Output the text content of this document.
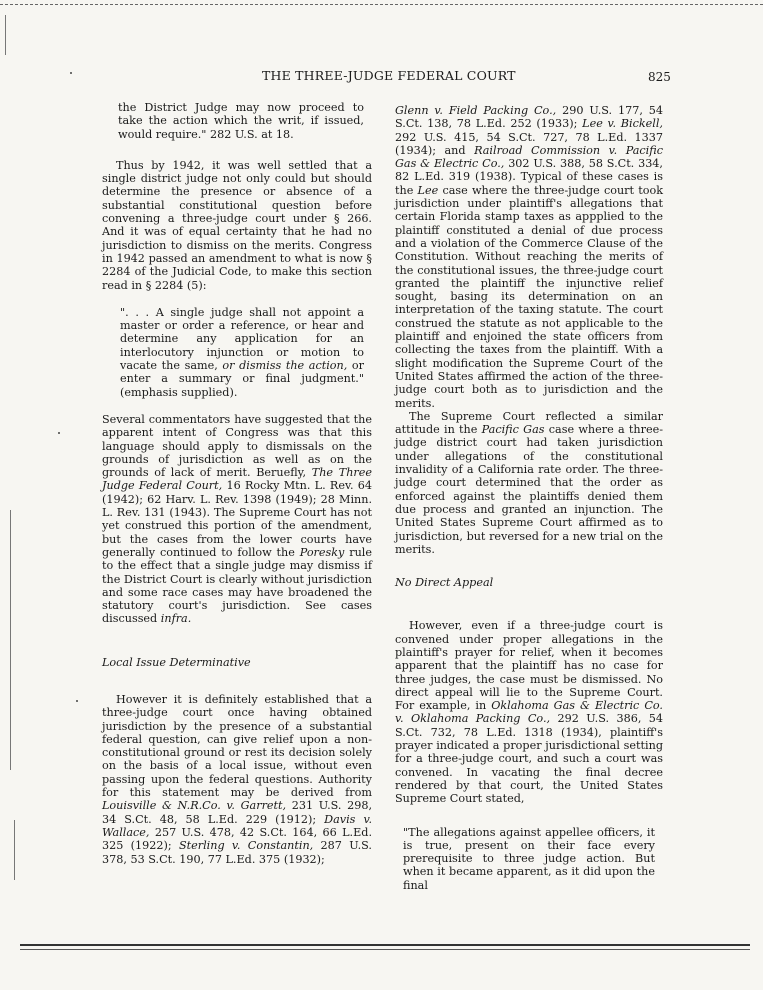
THE THREE-JUDGE FEDERAL COURT	825

the District Judge may now proceed to take the action which the writ, if issued, would require." 282 U.S. at 18.

Thus by 1942, it was well settled that a single district judge not only could but should determine the presence or absence of a substantial constitutional question before convening a three-judge court under § 266. And it was of equal certainty that he had no jurisdiction to dismiss on the merits. Congress in 1942 passed an amendment to what is now § 2284 of the Judicial Code, to make this section read in § 2284 (5):

". . . A single judge shall not appoint a master or order a reference, or hear and determine any application for an interlocutory injunction or motion to vacate the same, or dismiss the action, or enter a summary or final judgment." (emphasis supplied).

Several commentators have suggested that the apparent intent of Congress was that this language should apply to dismissals on the grounds of jurisdiction as well as on the grounds of lack of merit. Beruefly, The Three Judge Federal Court, 16 Rocky Mtn. L. Rev. 64 (1942); 62 Harv. L. Rev. 1398 (1949); 28 Minn. L. Rev. 131 (1943). The Supreme Court has not yet construed this portion of the amendment, but the cases from the lower courts have generally continued to follow the Poresky rule to the effect that a single judge may dismiss if the District Court is clearly without jurisdiction and some race cases may have broadened the statutory court's jurisdiction. See cases discussed infra.

Local Issue Determinative

However it is definitely established that a three-judge court once having obtained jurisdiction by the presence of a substantial federal question, can give relief upon a non-constitutional ground or rest its decision solely on the basis of a local issue, without even passing upon the federal questions. Authority for this statement may be derived from Louisville & N.R.Co. v. Garrett, 231 U.S. 298, 34 S.Ct. 48, 58 L.Ed. 229 (1912); Davis v. Wallace, 257 U.S. 478, 42 S.Ct. 164, 66 L.Ed. 325 (1922); Sterling v. Constantin, 287 U.S. 378, 53 S.Ct. 190, 77 L.Ed. 375 (1932);

Glenn v. Field Packing Co., 290 U.S. 177, 54 S.Ct. 138, 78 L.Ed. 252 (1933); Lee v. Bickell, 292 U.S. 415, 54 S.Ct. 727, 78 L.Ed. 1337 (1934); and Railroad Commission v. Pacific Gas & Electric Co., 302 U.S. 388, 58 S.Ct. 334, 82 L.Ed. 319 (1938). Typical of these cases is the Lee case where the three-judge court took jurisdiction under plaintiff's allegations that certain Florida stamp taxes as appplied to the plaintiff constituted a denial of due process and a violation of the Commerce Clause of the Constitution. Without reaching the merits of the constitutional issues, the three-judge court granted the plaintiff the injunctive relief sought, basing its determination on an interpretation of the taxing statute. The court construed the statute as not applicable to the plaintiff and enjoined the state officers from collecting the taxes from the plaintiff. With a slight modification the Supreme Court of the United States affirmed the action of the three-judge court both as to jurisdiction and the merits.

The Supreme Court reflected a similar attitude in the Pacific Gas case where a three-judge district court had taken jurisdiction under allegations of the constitutional invalidity of a California rate order. The three-judge court determined that the order as enforced against the plaintiffs denied them due process and granted an injunction. The United States Supreme Court affirmed as to jurisdiction, but reversed for a new trial on the merits.

No Direct Appeal

However, even if a three-judge court is convened under proper allegations in the plaintiff's prayer for relief, when it becomes apparent that the plaintiff has no case for three judges, the case must be dismissed. No direct appeal will lie to the Supreme Court. For example, in Oklahoma Gas & Electric Co. v. Oklahoma Packing Co., 292 U.S. 386, 54 S.Ct. 732, 78 L.Ed. 1318 (1934), plaintiff's prayer indicated a proper jurisdictional setting for a three-judge court, and such a court was convened. In vacating the final decree rendered by that court, the United States Supreme Court stated,

"The allegations against appellee officers, it is true, present on their face every prerequisite to three judge action. But when it became apparent, as it did upon the final
